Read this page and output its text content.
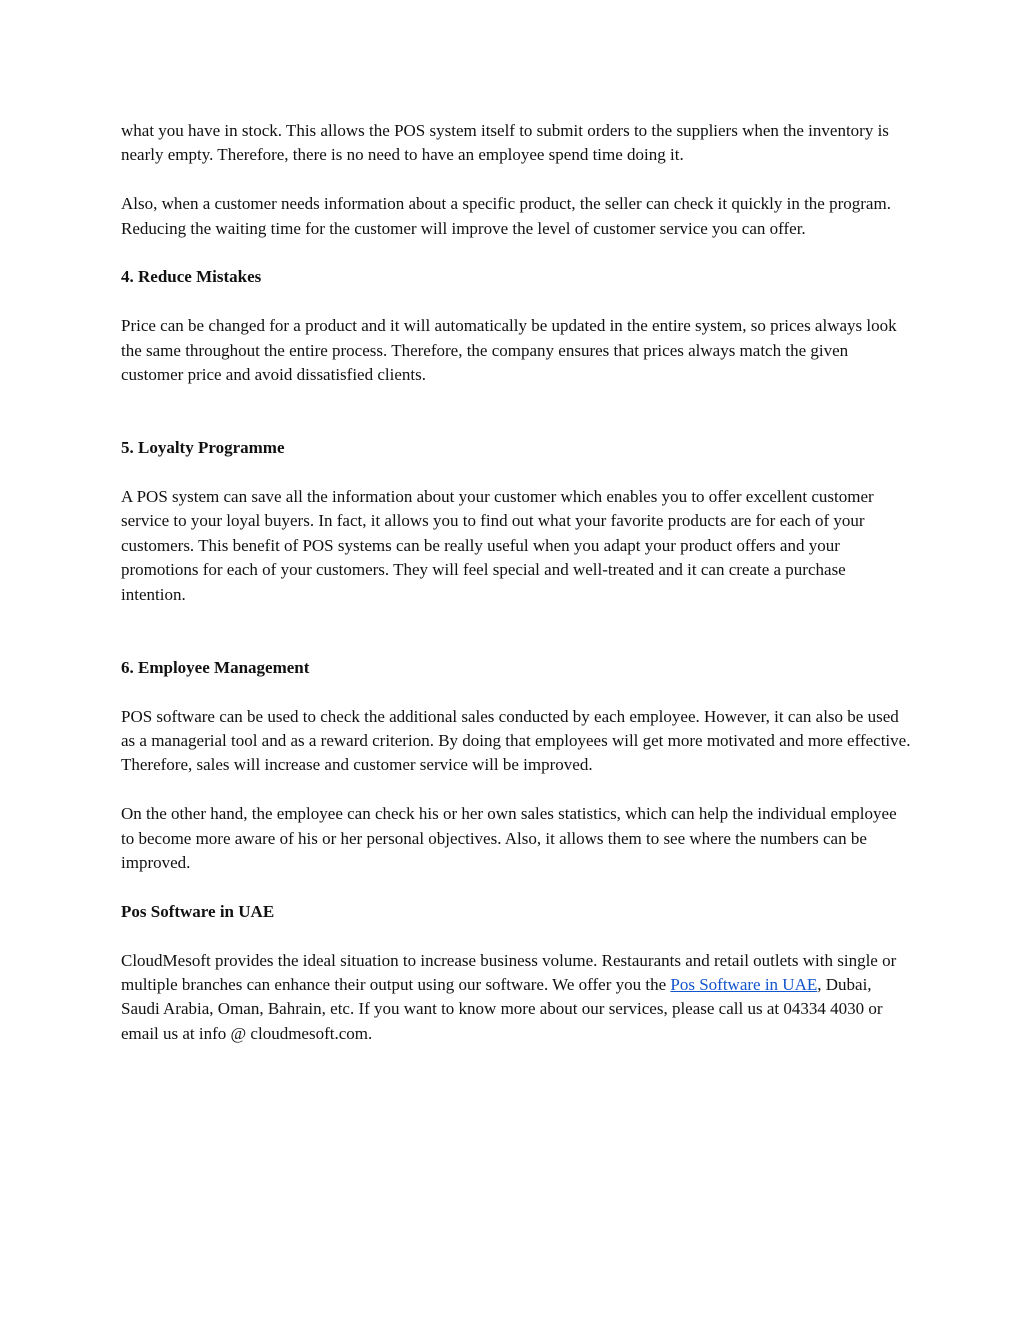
what you have in stock. This allows the POS system itself to submit orders to the suppliers when the inventory is nearly empty. Therefore, there is no need to have an employee spend time doing it.

Also, when a customer needs information about a specific product, the seller can check it quickly in the program. Reducing the waiting time for the customer will improve the level of customer service you can offer.

4. Reduce Mistakes

Price can be changed for a product and it will automatically be updated in the entire system, so prices always look the same throughout the entire process. Therefore, the company ensures that prices always match the given customer price and avoid dissatisfied clients.

5. Loyalty Programme

A POS system can save all the information about your customer which enables you to offer excellent customer service to your loyal buyers. In fact, it allows you to find out what your favorite products are for each of your customers. This benefit of POS systems can be really useful when you adapt your product offers and your promotions for each of your customers. They will feel special and well-treated and it can create a purchase intention.

6. Employee Management

POS software can be used to check the additional sales conducted by each employee. However, it can also be used as a managerial tool and as a reward criterion. By doing that employees will get more motivated and more effective. Therefore, sales will increase and customer service will be improved.

On the other hand, the employee can check his or her own sales statistics, which can help the individual employee to become more aware of his or her personal objectives. Also, it allows them to see where the numbers can be improved.

Pos Software in UAE

CloudMesoft provides the ideal situation to increase business volume. Restaurants and retail outlets with single or multiple branches can enhance their output using our software. We offer you the Pos Software in UAE, Dubai, Saudi Arabia, Oman, Bahrain, etc. If you want to know more about our services, please call us at 04334 4030 or email us at info @ cloudmesoft.com.
